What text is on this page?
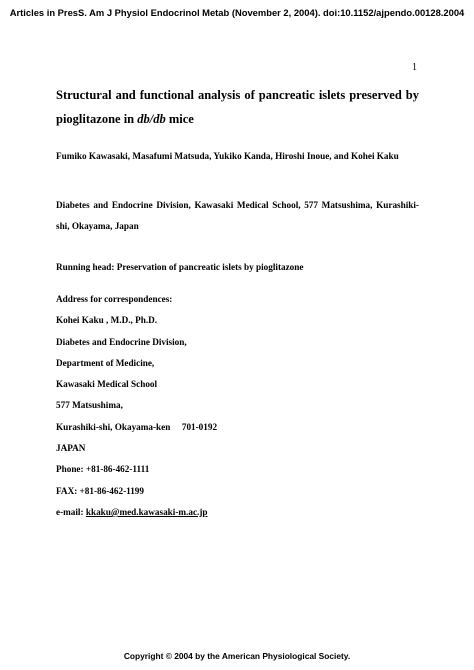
Articles in PresS. Am J Physiol Endocrinol Metab (November 2, 2004). doi:10.1152/ajpendo.00128.2004
1
Structural and functional analysis of pancreatic islets preserved by pioglitazone in db/db mice
Fumiko Kawasaki, Masafumi Matsuda, Yukiko Kanda, Hiroshi Inoue, and Kohei Kaku
Diabetes and Endocrine Division, Kawasaki Medical School, 577 Matsushima, Kurashiki-shi, Okayama, Japan
Running head: Preservation of pancreatic islets by pioglitazone
Address for correspondences:
Kohei Kaku , M.D., Ph.D.
Diabetes and Endocrine Division,
Department of Medicine,
Kawasaki Medical School
577 Matsushima,
Kurashiki-shi, Okayama-ken 701-0192
JAPAN
Phone: +81-86-462-1111
FAX: +81-86-462-1199
e-mail: kkaku@med.kawasaki-m.ac.jp
Copyright © 2004 by the American Physiological Society.
